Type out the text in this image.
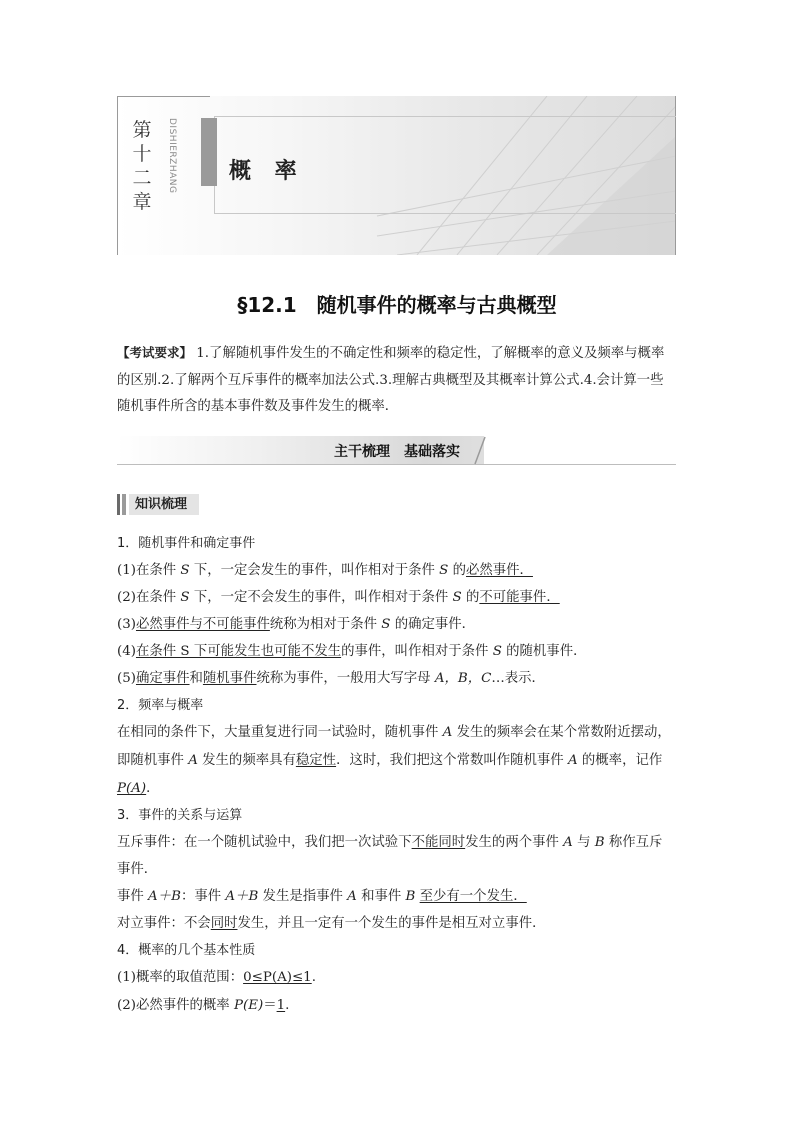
第
十
二
章
DISHIERZHANG 概 率
§12.1　随机事件的概率与古典概型
【考试要求】 1.了解随机事件发生的不确定性和频率的稳定性，了解概率的意义及频率与概率
的区别.2.了解两个互斥事件的概率加法公式.3.理解古典概型及其概率计算公式.4.会计算一些
随机事件所含的基本事件数及事件发生的概率．
主干梳理　基础落实
知识梳理
1．随机事件和确定事件
(1)在条件 S 下，一定会发生的事件，叫作相对于条件 S 的必然事件．
(2)在条件 S 下，一定不会发生的事件，叫作相对于条件 S 的不可能事件．
(3)必然事件与不可能事件统称为相对于条件 S 的确定事件．
(4)在条件 S 下可能发生也可能不发生的事件，叫作相对于条件 S 的随机事件．
(5)确定事件和随机事件统称为事件，一般用大写字母 A，B，C…表示．
2．频率与概率
在相同的条件下，大量重复进行同一试验时，随机事件 A 发生的频率会在某个常数附近摆动，
即随机事件 A 发生的频率具有稳定性．这时，我们把这个常数叫作随机事件 A 的概率，记作
P(A)．
3．事件的关系与运算
互斥事件：在一个随机试验中，我们把一次试验下不能同时发生的两个事件 A 与 B 称作互斥
事件．
事件 A＋B：事件 A＋B 发生是指事件 A 和事件 B 至少有一个发生．
对立事件：不会同时发生，并且一定有一个发生的事件是相互对立事件．
4．概率的几个基本性质
(1)概率的取值范围：0≤P(A)≤1.
(2)必然事件的概率 P(E)＝1.
